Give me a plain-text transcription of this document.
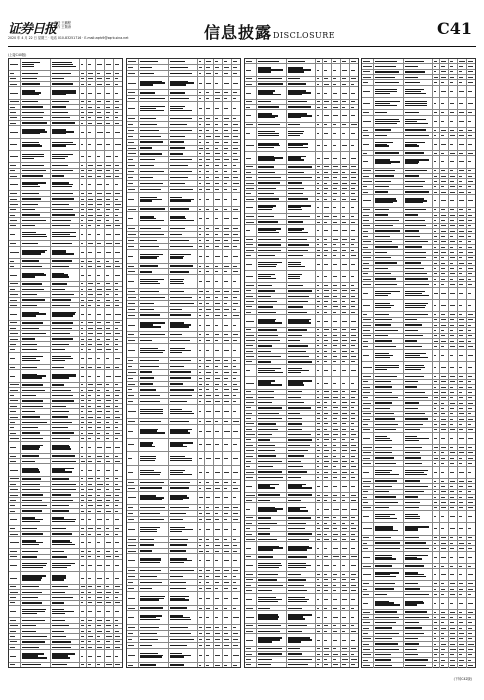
证券日报
责任 王鹏程
制作 王敬涛
2020 年 4 月 22 日 星期三 · 电话 010-83251716 · E-mail:zqrb9@zqrb.sina.net	信息披露DISCLOSURE	C41
(上接C40版)
(下转C42版)
